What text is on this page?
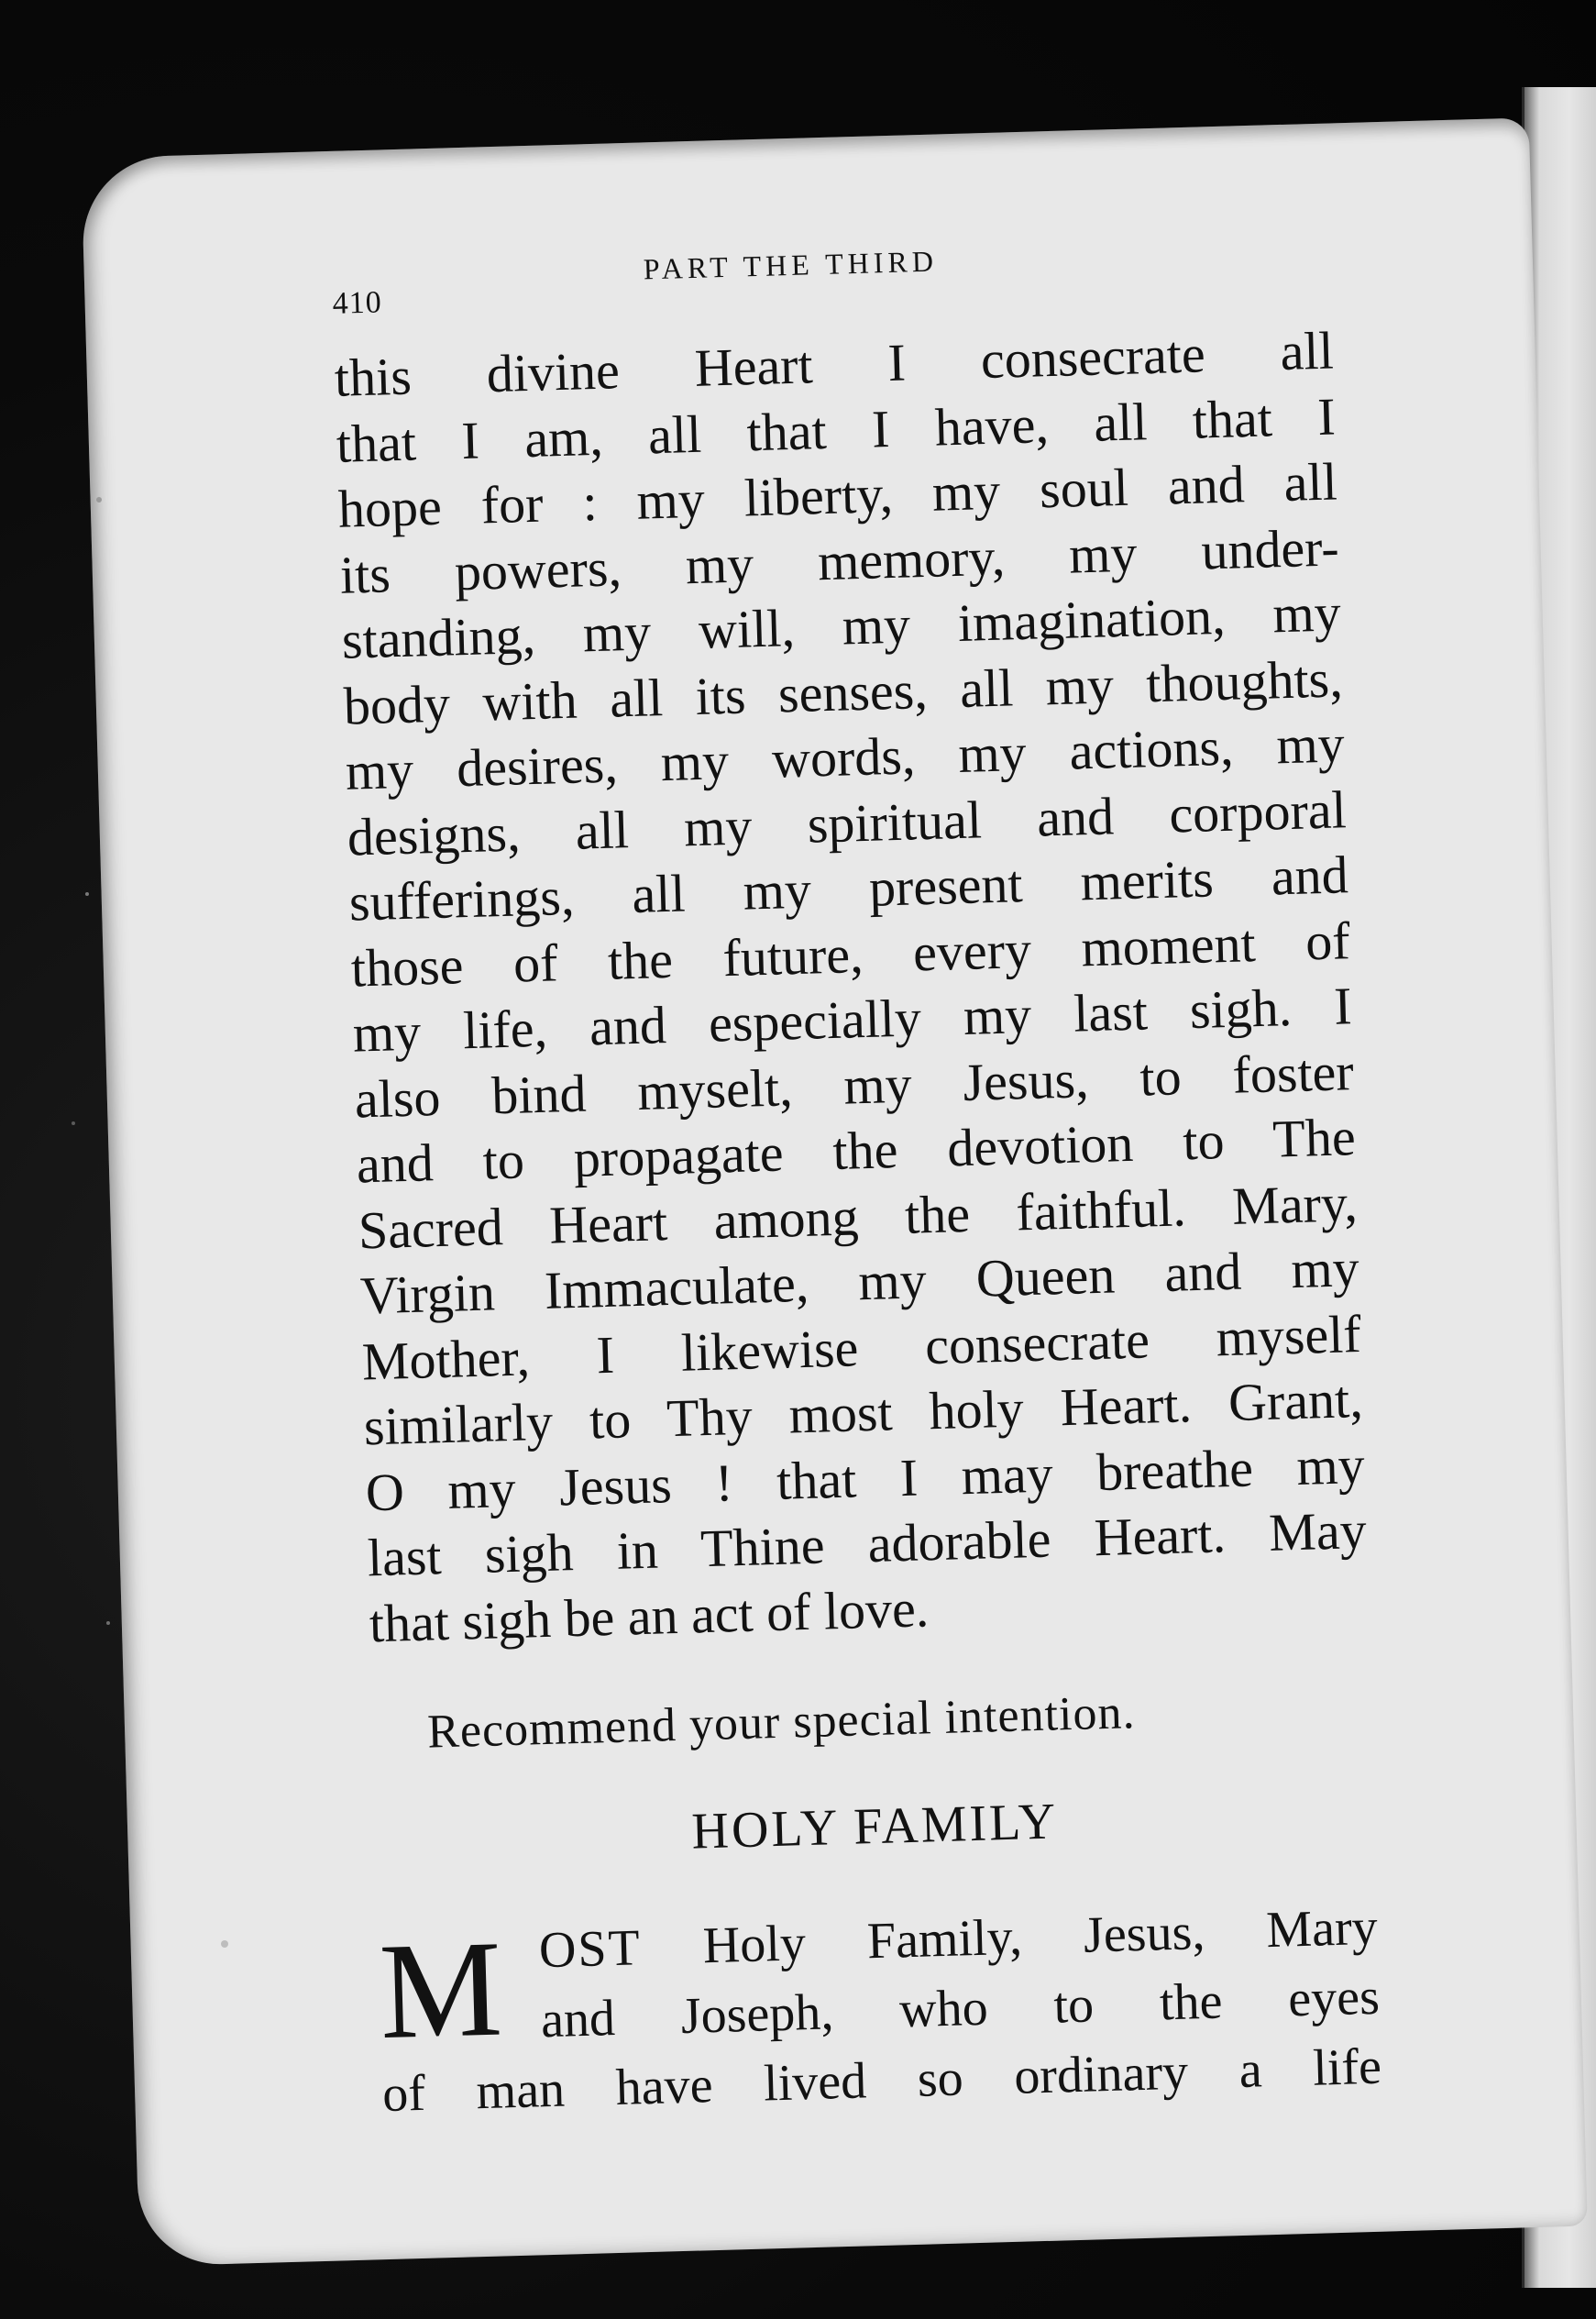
410
PART THE THIRD
this divine Heart I consecrate all
that I am, all that I have, all that I
hope for : my liberty, my soul and all
its powers, my memory, my under-
standing, my will, my imagination, my
body with all its senses, all my thoughts,
my desires, my words, my actions, my
designs, all my spiritual and corporal
sufferings, all my present merits and
those of the future, every moment of
my life, and especially my last sigh. I
also bind myselt, my Jesus, to foster
and to propagate the devotion to The
Sacred Heart among the faithful. Mary,
Virgin Immaculate, my Queen and my
Mother, I likewise consecrate myself
similarly to Thy most holy Heart. Grant,
O my Jesus ! that I may breathe my
last sigh in Thine adorable Heart. May
that sigh be an act of love.
Recommend your special intention.
HOLY FAMILY
M OST Holy Family, Jesus, Mary
and Joseph, who to the eyes
of man have lived so ordinary a life
